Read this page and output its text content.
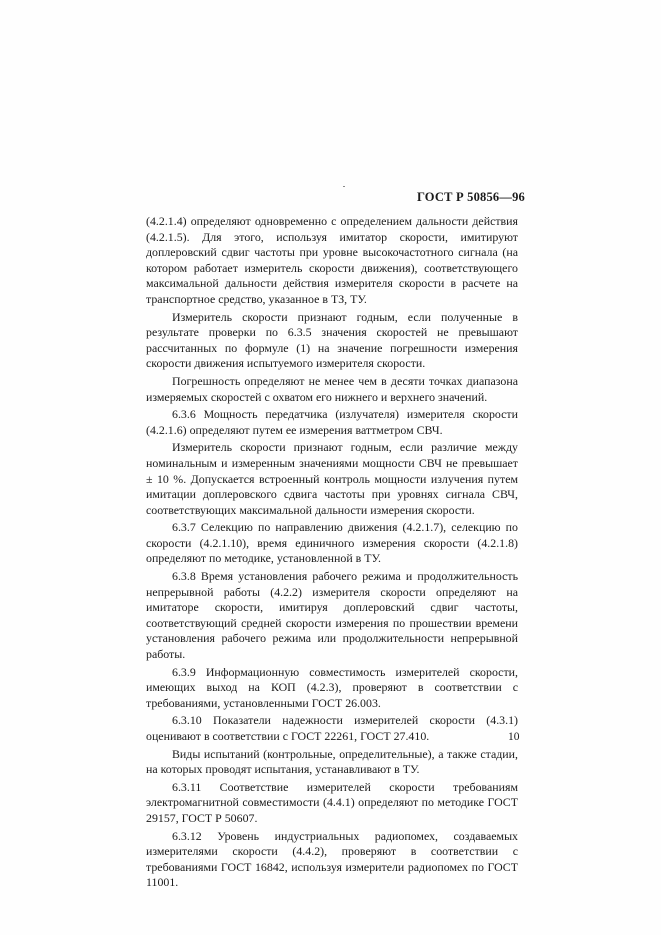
ГОСТ Р 50856—96

(4.2.1.4) определяют одновременно с определением дальности действия (4.2.1.5). Для этого, используя имитатор скорости, имитируют доплеровский сдвиг частоты при уровне высокочастотного сигнала (на котором работает измеритель скорости движения), соответствующего максимальной дальности действия измерителя скорости в расчете на транспортное средство, указанное в ТЗ, ТУ.

Измеритель скорости признают годным, если полученные в результате проверки по 6.3.5 значения скоростей не превышают рассчитанных по формуле (1) на значение погрешности измерения скорости движения испытуемого измерителя скорости.

Погрешность определяют не менее чем в десяти точках диапазона измеряемых скоростей с охватом его нижнего и верхнего значений.

6.3.6 Мощность передатчика (излучателя) измерителя скорости (4.2.1.6) определяют путем ее измерения ваттметром СВЧ.

Измеритель скорости признают годным, если различие между номинальным и измеренным значениями мощности СВЧ не превышает ± 10 %. Допускается встроенный контроль мощности излучения путем имитации доплеровского сдвига частоты при уровнях сигнала СВЧ, соответствующих максимальной дальности измерения скорости.

6.3.7 Селекцию по направлению движения (4.2.1.7), селекцию по скорости (4.2.1.10), время единичного измерения скорости (4.2.1.8) определяют по методике, установленной в ТУ.

6.3.8 Время установления рабочего режима и продолжительность непрерывной работы (4.2.2) измерителя скорости определяют на имитаторе скорости, имитируя доплеровский сдвиг частоты, соответствующий средней скорости измерения по прошествии времени установления рабочего режима или продолжительности непрерывной работы.

6.3.9 Информационную совместимость измерителей скорости, имеющих выход на КОП (4.2.3), проверяют в соответствии с требованиями, установленными ГОСТ 26.003.

6.3.10 Показатели надежности измерителей скорости (4.3.1) оценивают в соответствии с ГОСТ 22261, ГОСТ 27.410.

Виды испытаний (контрольные, определительные), а также стадии, на которых проводят испытания, устанавливают в ТУ.

6.3.11 Соответствие измерителей скорости требованиям электромагнитной совместимости (4.4.1) определяют по методике ГОСТ 29157, ГОСТ Р 50607.

6.3.12 Уровень индустриальных радиопомех, создаваемых измерителями скорости (4.4.2), проверяют в соответствии с требованиями ГОСТ 16842, используя измерители радиопомех по ГОСТ 11001.

10
